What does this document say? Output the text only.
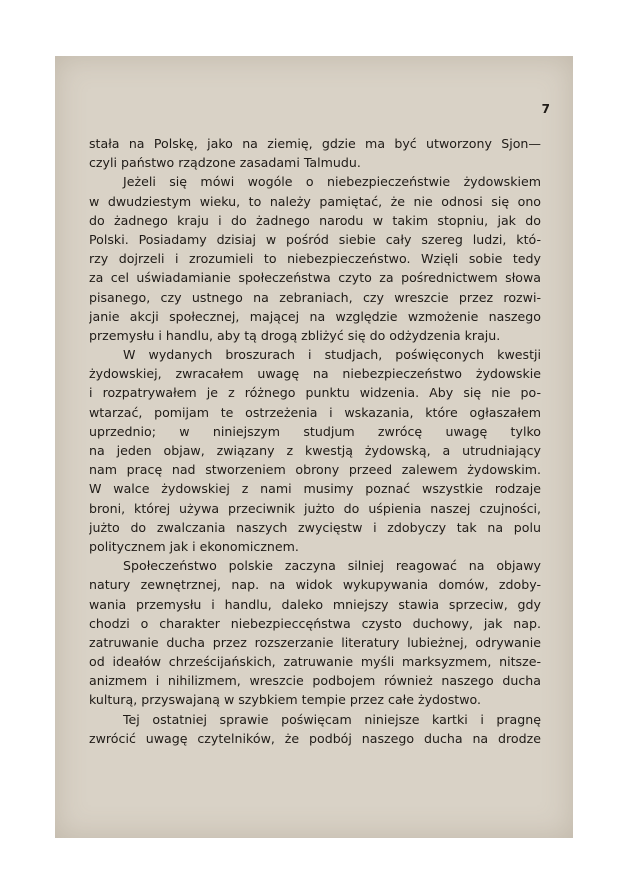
7
stała na Polskę, jako na ziemię, gdzie ma być utworzony Sjon—
czyli państwo rządzone zasadami Talmudu.
Jeżeli się mówi wogóle o niebezpieczeństwie żydowskiem
w dwudziestym wieku, to należy pamiętać, że nie odnosi się ono
do żadnego kraju i do żadnego narodu w takim stopniu, jak do
Polski. Posiadamy dzisiaj w pośród siebie cały szereg ludzi, któ-
rzy dojrzeli i zrozumieli to niebezpieczeństwo. Wzięli sobie tedy
za cel uświadamianie społeczeństwa czyto za pośrednictwem słowa
pisanego, czy ustnego na zebraniach, czy wreszcie przez rozwi-
janie akcji społecznej, mającej na względzie wzmożenie naszego
przemysłu i handlu, aby tą drogą zbliżyć się do odżydzenia kraju.
W wydanych broszurach i studjach, poświęconych kwestji
żydowskiej, zwracałem uwagę na niebezpieczeństwo żydowskie
i rozpatrywałem je z różnego punktu widzenia. Aby się nie po-
wtarzać, pomijam te ostrzeżenia i wskazania, które ogłaszałem
uprzednio; w niniejszym studjum zwrócę uwagę tylko
na jeden objaw, związany z kwestją żydowską, a utrudniający
nam pracę nad stworzeniem obrony przeed zalewem żydowskim.
W walce żydowskiej z nami musimy poznać wszystkie rodzaje
broni, której używa przeciwnik jużto do uśpienia naszej czujności,
jużto do zwalczania naszych zwycięstw i zdobyczy tak na polu
politycznem jak i ekonomicznem.
Społeczeństwo polskie zaczyna silniej reagować na objawy
natury zewnętrznej, nap. na widok wykupywania domów, zdoby-
wania przemysłu i handlu, daleko mniejszy stawia sprzeciw, gdy
chodzi o charakter niebezpieccęństwa czysto duchowy, jak nap.
zatruwanie ducha przez rozszerzanie literatury lubieżnej, odrywanie
od ideałów chrześcijańskich, zatruwanie myśli marksyzmem, nitsze-
anizmem i nihilizmem, wreszcie podbojem również naszego ducha
kulturą, przyswajaną w szybkiem tempie przez całe żydostwo.
Tej ostatniej sprawie poświęcam niniejsze kartki i pragnę
zwrócić uwagę czytelników, że podbój naszego ducha na drodze
